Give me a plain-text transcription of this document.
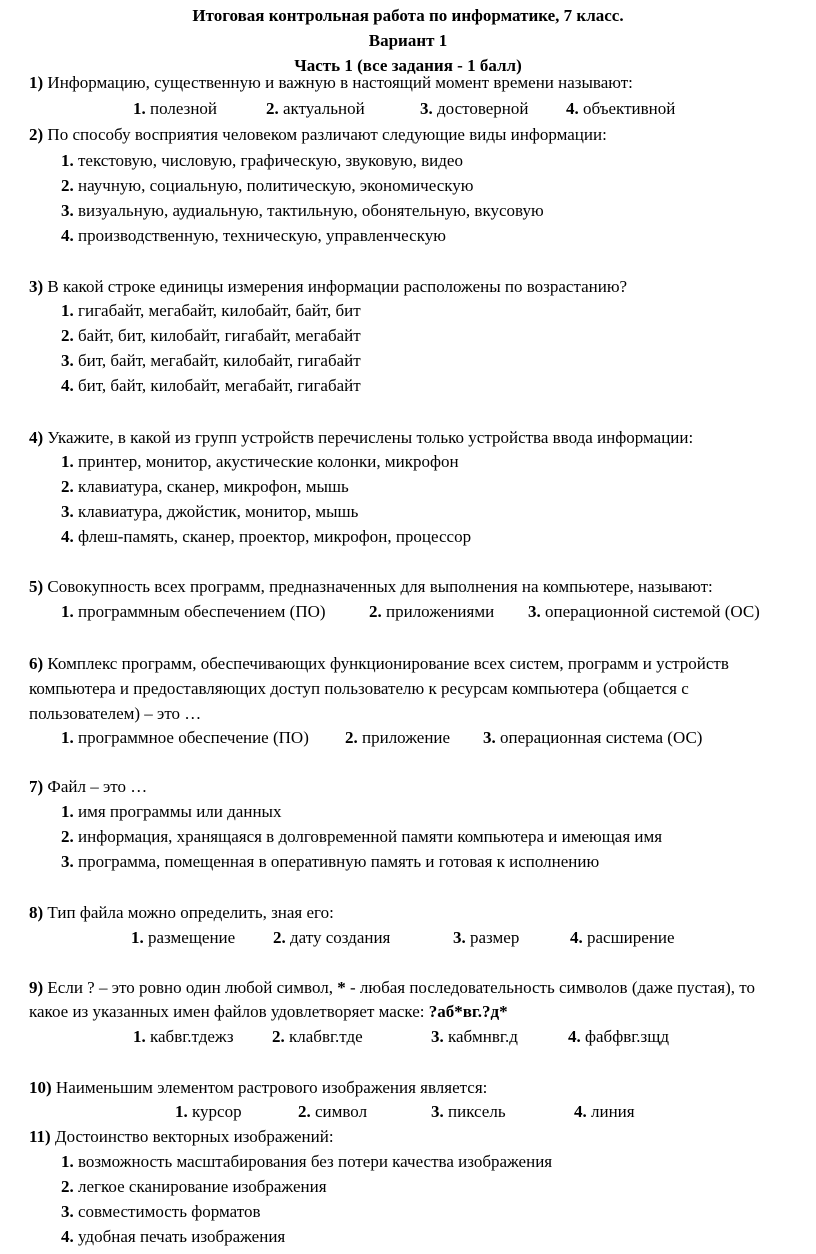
Итоговая контрольная работа по информатике, 7 класс.
Вариант 1
Часть 1 (все задания - 1 балл)
1) Информацию, существенную и важную в настоящий момент времени называют:
1. полезной	2. актуальной	3. достоверной 4. объективной
2) По способу восприятия человеком различают следующие виды информации:
1. текстовую, числовую, графическую, звуковую, видео
2. научную, социальную, политическую, экономическую
3. визуальную, аудиальную, тактильную, обонятельную, вкусовую
4. производственную, техническую, управленческую
3) В какой строке единицы измерения информации расположены по возрастанию?
1. гигабайт, мегабайт, килобайт, байт, бит
2. байт, бит, килобайт, гигабайт, мегабайт
3. бит, байт, мегабайт, килобайт, гигабайт
4. бит, байт, килобайт, мегабайт, гигабайт
4) Укажите, в какой из групп устройств перечислены только устройства ввода информации:
1. принтер, монитор, акустические колонки, микрофон
2. клавиатура, сканер, микрофон, мышь
3. клавиатура, джойстик, монитор, мышь
4. флеш-память, сканер, проектор, микрофон, процессор
5) Совокупность всех программ, предназначенных для выполнения на компьютере, называют:
1. программным обеспечением (ПО)	2. приложениями 3. операционной системой (ОС)
6) Комплекс программ, обеспечивающих функционирование всех систем, программ и устройств компьютера и предоставляющих доступ пользователю к ресурсам компьютера (общается с пользователем) – это …
1. программное обеспечение (ПО) 2. приложение 3. операционная система (ОС)
7) Файл – это …
1. имя программы или данных
2. информация, хранящаяся в долговременной памяти компьютера и имеющая имя
3. программа, помещенная в оперативную память и готовая к исполнению
8) Тип файла можно определить, зная его:
1. размещение 2. дату создания	3. размер	4. расширение
9) Если ? – это ровно один любой символ, * - любая последовательность символов (даже пустая), то
какое из указанных имен файлов удовлетворяет маске: ?аб*вг.?д*
1. кабвг.тдежз 2. клабвг.тде	3. кабмнвг.д	4. фабфвг.зщд
10) Наименьшим элементом растрового изображения является:
1. курсор	2. символ	3. пиксель	4. линия
11) Достоинство векторных изображений:
1. возможность масштабирования без потери качества изображения
2. легкое сканирование изображения
3. совместимость форматов
4. удобная печать изображения
